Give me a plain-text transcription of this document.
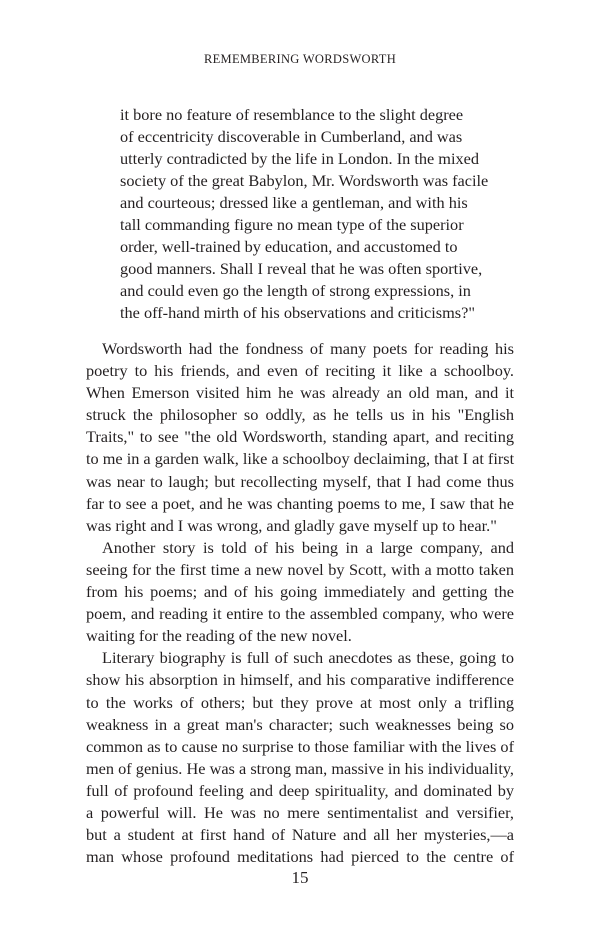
REMEMBERING WORDSWORTH
it bore no feature of resemblance to the slight degree
of eccentricity discoverable in Cumberland, and was
utterly contradicted by the life in London. In the mixed
society of the great Babylon, Mr. Wordsworth was facile
and courteous; dressed like a gentleman, and with his
tall commanding figure no mean type of the superior
order, well-trained by education, and accustomed to
good manners. Shall I reveal that he was often sportive,
and could even go the length of strong expressions, in
the off-hand mirth of his observations and criticisms?"

Wordsworth had the fondness of many poets for reading his
poetry to his friends, and even of reciting it like a schoolboy.
When Emerson visited him he was already an old man, and it
struck the philosopher so oddly, as he tells us in his "English
Traits," to see "the old Wordsworth, standing apart, and reciting
to me in a garden walk, like a schoolboy declaiming, that I at first
was near to laugh; but recollecting myself, that I had come thus
far to see a poet, and he was chanting poems to me, I saw that he
was right and I was wrong, and gladly gave myself up to hear."

Another story is told of his being in a large company, and
seeing for the first time a new novel by Scott, with a motto taken
from his poems; and of his going immediately and getting the
poem, and reading it entire to the assembled company, who were
waiting for the reading of the new novel.

Literary biography is full of such anecdotes as these, going to
show his absorption in himself, and his comparative indifference
to the works of others; but they prove at most only a trifling
weakness in a great man's character; such weaknesses being so
common as to cause no surprise to those familiar with the lives of
men of genius. He was a strong man, massive in his individuality,
full of profound feeling and deep spirituality, and dominated by
a powerful will. He was no mere sentimentalist and versifier,
but a student at first hand of Nature and all her mysteries,—a
man whose profound meditations had pierced to the centre of

15
